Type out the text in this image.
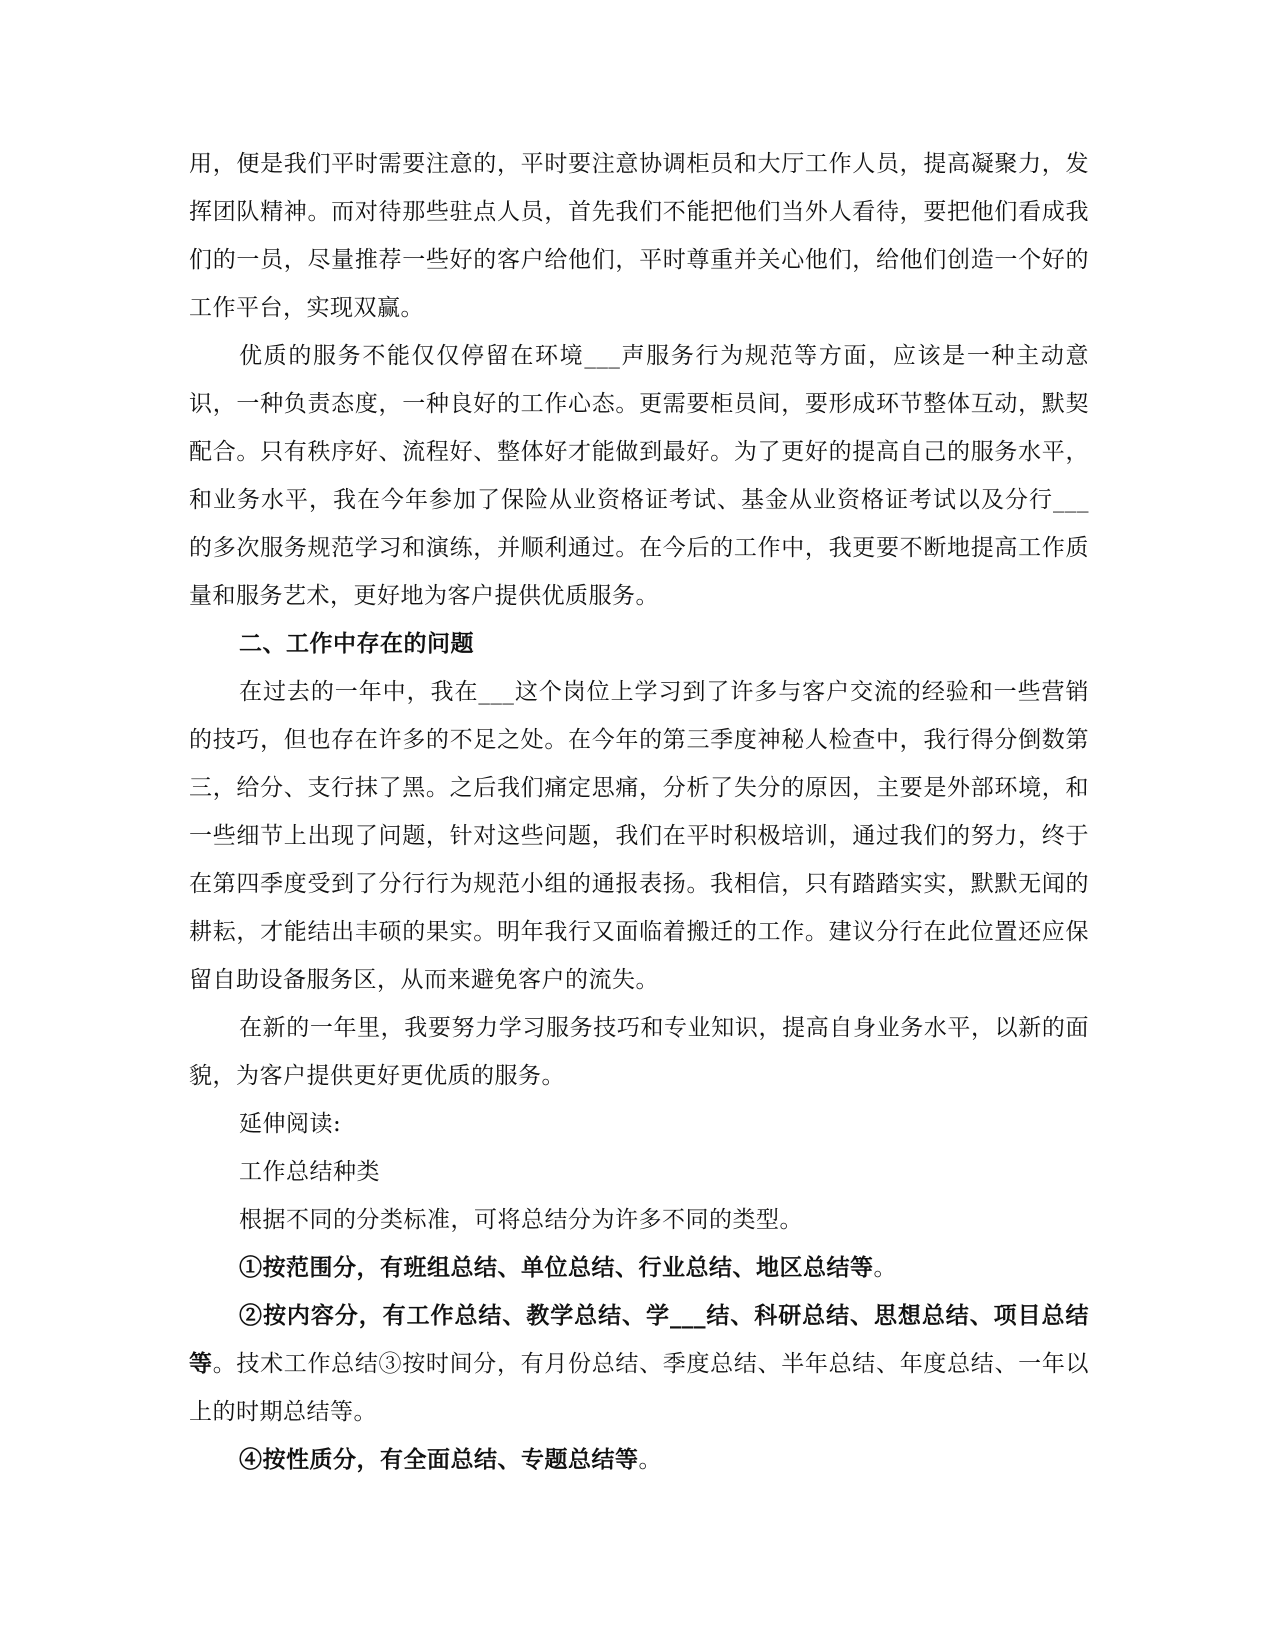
用，便是我们平时需要注意的，平时要注意协调柜员和大厅工作人员，提高凝聚力，发挥团队精神。而对待那些驻点人员，首先我们不能把他们当外人看待，要把他们看成我们的一员，尽量推荐一些好的客户给他们，平时尊重并关心他们，给他们创造一个好的工作平台，实现双赢。

优质的服务不能仅仅停留在环境___声服务行为规范等方面，应该是一种主动意识，一种负责态度，一种良好的工作心态。更需要柜员间，要形成环节整体互动，默契配合。只有秩序好、流程好、整体好才能做到最好。为了更好的提高自己的服务水平，和业务水平，我在今年参加了保险从业资格证考试、基金从业资格证考试以及分行___的多次服务规范学习和演练，并顺利通过。在今后的工作中，我更要不断地提高工作质量和服务艺术，更好地为客户提供优质服务。

二、工作中存在的问题

在过去的一年中，我在___这个岗位上学习到了许多与客户交流的经验和一些营销的技巧，但也存在许多的不足之处。在今年的第三季度神秘人检查中，我行得分倒数第三，给分、支行抹了黑。之后我们痛定思痛，分析了失分的原因，主要是外部环境，和一些细节上出现了问题，针对这些问题，我们在平时积极培训，通过我们的努力，终于在第四季度受到了分行行为规范小组的通报表扬。我相信，只有踏踏实实，默默无闻的耕耘，才能结出丰硕的果实。明年我行又面临着搬迁的工作。建议分行在此位置还应保留自助设备服务区，从而来避免客户的流失。

在新的一年里，我要努力学习服务技巧和专业知识，提高自身业务水平，以新的面貌，为客户提供更好更优质的服务。

延伸阅读:

工作总结种类

根据不同的分类标准，可将总结分为许多不同的类型。

①按范围分，有班组总结、单位总结、行业总结、地区总结等。

②按内容分，有工作总结、教学总结、学___结、科研总结、思想总结、项目总结等。技术工作总结③按时间分，有月份总结、季度总结、半年总结、年度总结、一年以上的时期总结等。

④按性质分，有全面总结、专题总结等。
